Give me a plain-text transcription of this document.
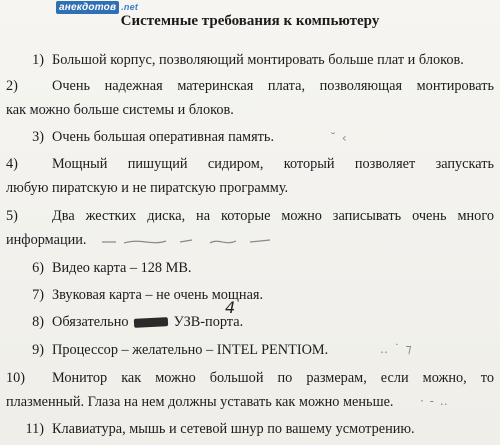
анекдотов .net
Системные требования к компьютеру
1) Большой корпус, позволяющий монтировать больше плат и блоков.
2) Очень надежная материнская плата, позволяющая монтировать
как можно больше системы и блоков.
3) Очень большая оперативная память.	˘ ‹
4) Мощный пишущий сидиром, который позволяет запускать
любую пиратскую и не пиратскую программу.
5) Два жестких диска, на которые можно записывать очень много
информации.
6) Видео карта – 128 MB.
7) Звуковая карта – не очень мощная.
8) Обязательно	УЗВ-порта.
4
9) Процессор – желательно – INTEL PENTIOM.	‥ ˙ ⁊
10) Монитор как можно большой по размерам, если можно, то
плазменный. Глаза на нем должны уставать как можно меньше.	· ‐ ‥
11) Клавиатура, мышь и сетевой шнур по вашему усмотрению.
